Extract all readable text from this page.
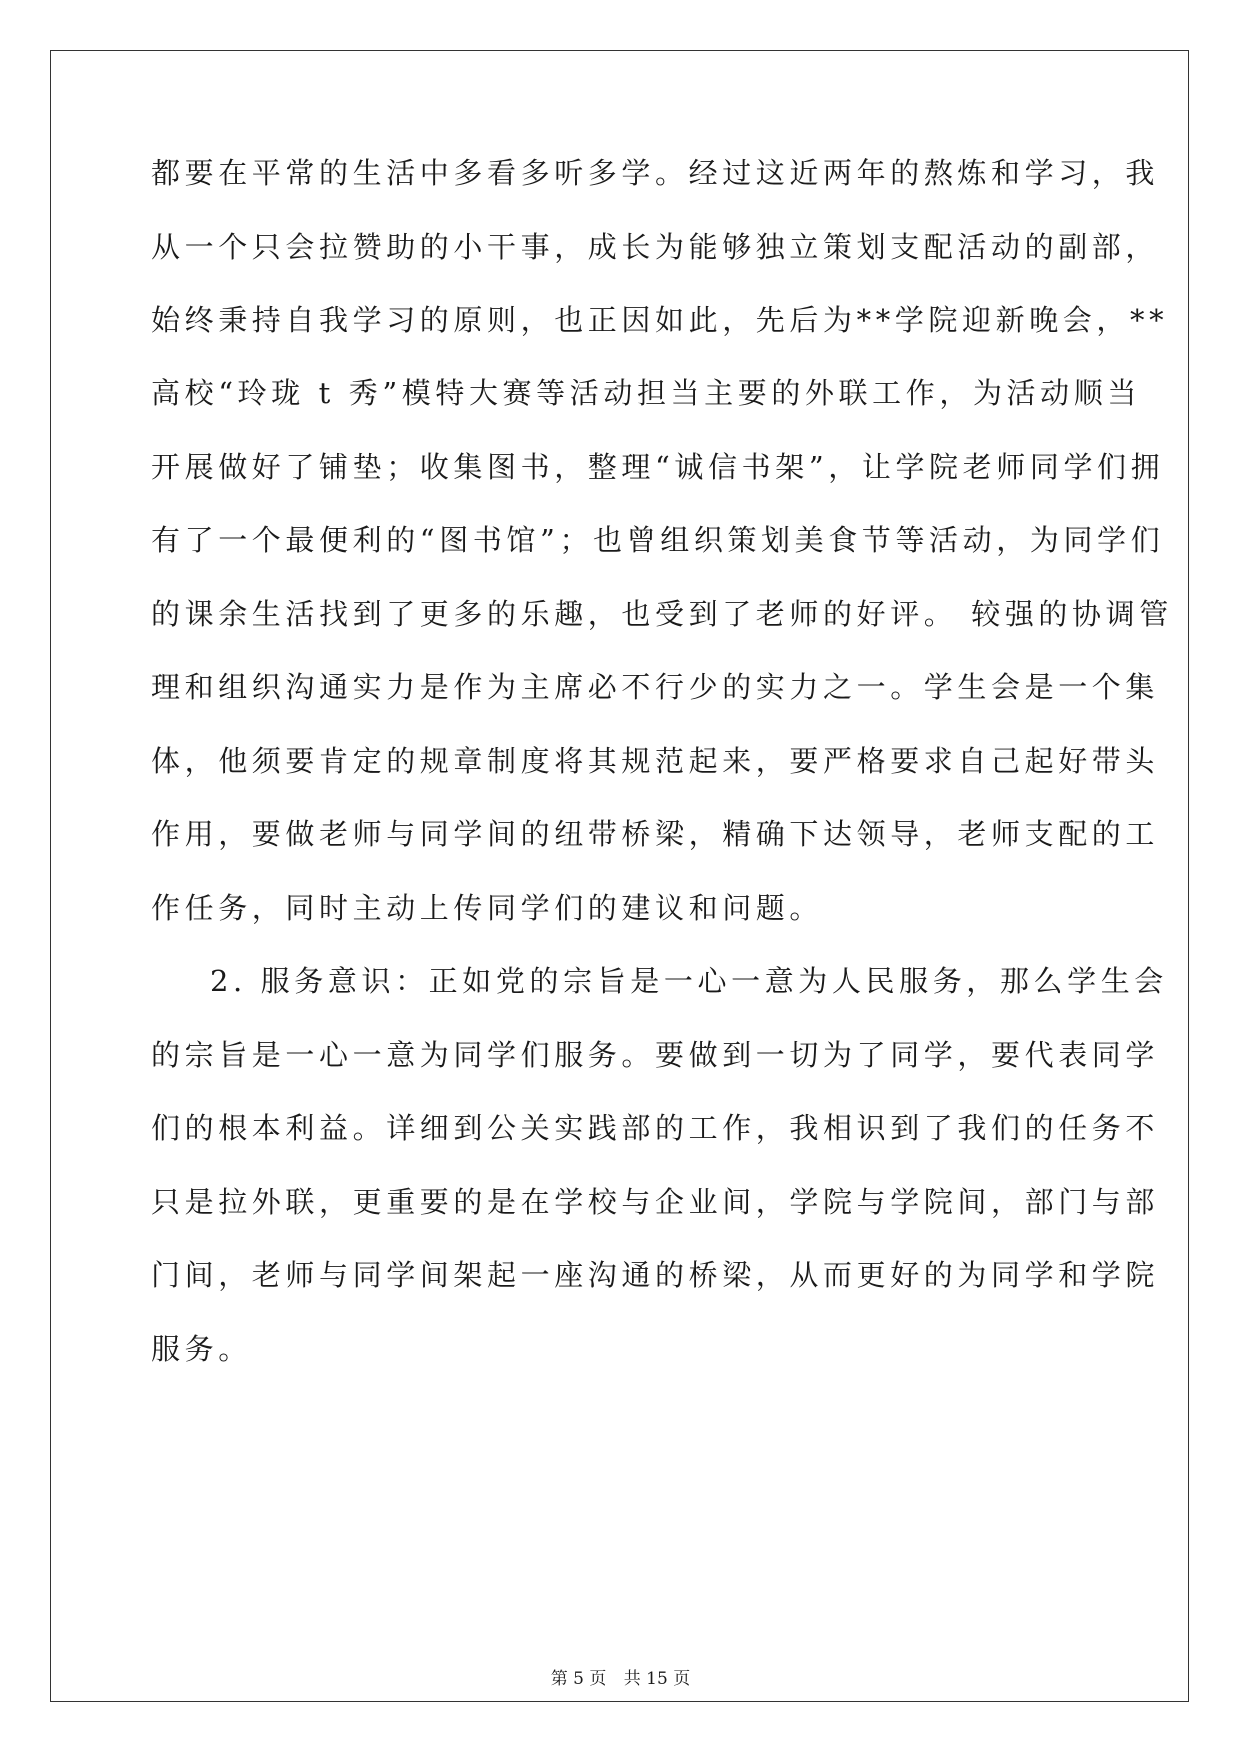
都要在平常的生活中多看多听多学。经过这近两年的熬炼和学习，我
从一个只会拉赞助的小干事，成长为能够独立策划支配活动的副部，
始终秉持自我学习的原则，也正因如此，先后为**学院迎新晚会，**
高校“玲珑 t 秀”模特大赛等活动担当主要的外联工作，为活动顺当
开展做好了铺垫；收集图书，整理“诚信书架”，让学院老师同学们拥
有了一个最便利的“图书馆”；也曾组织策划美食节等活动，为同学们
的课余生活找到了更多的乐趣，也受到了老师的好评。 较强的协调管
理和组织沟通实力是作为主席必不行少的实力之一。学生会是一个集
体，他须要肯定的规章制度将其规范起来，要严格要求自己起好带头
作用，要做老师与同学间的纽带桥梁，精确下达领导，老师支配的工
作任务，同时主动上传同学们的建议和问题。
2. 服务意识：正如党的宗旨是一心一意为人民服务，那么学生会
的宗旨是一心一意为同学们服务。要做到一切为了同学，要代表同学
们的根本利益。详细到公关实践部的工作，我相识到了我们的任务不
只是拉外联，更重要的是在学校与企业间，学院与学院间，部门与部
门间，老师与同学间架起一座沟通的桥梁，从而更好的为同学和学院
服务。
第 5 页 共 15 页
